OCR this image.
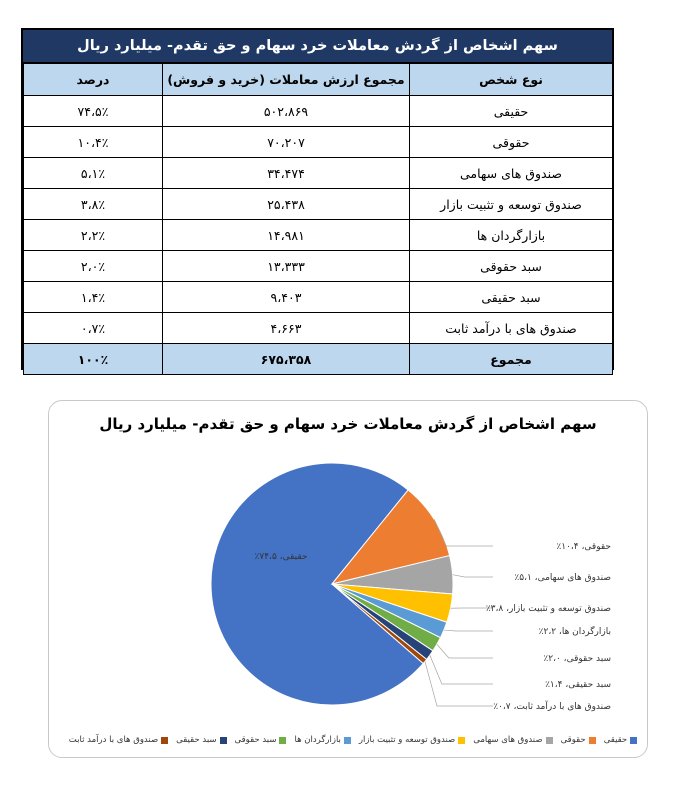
سهم اشخاص از گردش معاملات خرد سهام و حق تقدم- میلیارد ریال
نوع شخص	مجموع ارزش معاملات (خرید و فروش)	درصد
حقیقی	۵۰۲،۸۶۹	۷۴،۵٪
حقوقی	۷۰،۲۰۷	۱۰،۴٪
صندوق های سهامی	۳۴،۴۷۴	۵،۱٪
صندوق توسعه و تثبیت بازار	۲۵،۴۳۸	۳،۸٪
بازارگردان ها	۱۴،۹۸۱	۲،۲٪
سبد حقوقی	۱۳،۳۳۳	۲،۰٪
سبد حقیقی	۹،۴۰۳	۱،۴٪
صندوق های با درآمد ثابت	۴،۶۶۳	۰،۷٪
مجموع	۶۷۵،۳۵۸	۱۰۰٪
سهم اشخاص از گردش معاملات خرد سهام و حق تقدم- میلیارد ریال
حقیقی، ۷۴،۵٪
حقوقی، ۱۰،۴٪
صندوق های سهامی، ۵،۱٪
صندوق توسعه و تثبیت بازار، ۳،۸٪
بازارگردان ها، ۲،۲٪
سبد حقوقی، ۲،۰٪
سبد حقیقی، ۱،۴٪
صندوق های با درآمد ثابت، ۰،۷٪
حقیقی
حقوقی
صندوق های سهامی
صندوق توسعه و تثبیت بازار
بازارگردان ها
سبد حقوقی
سبد حقیقی
صندوق های با درآمد ثابت
